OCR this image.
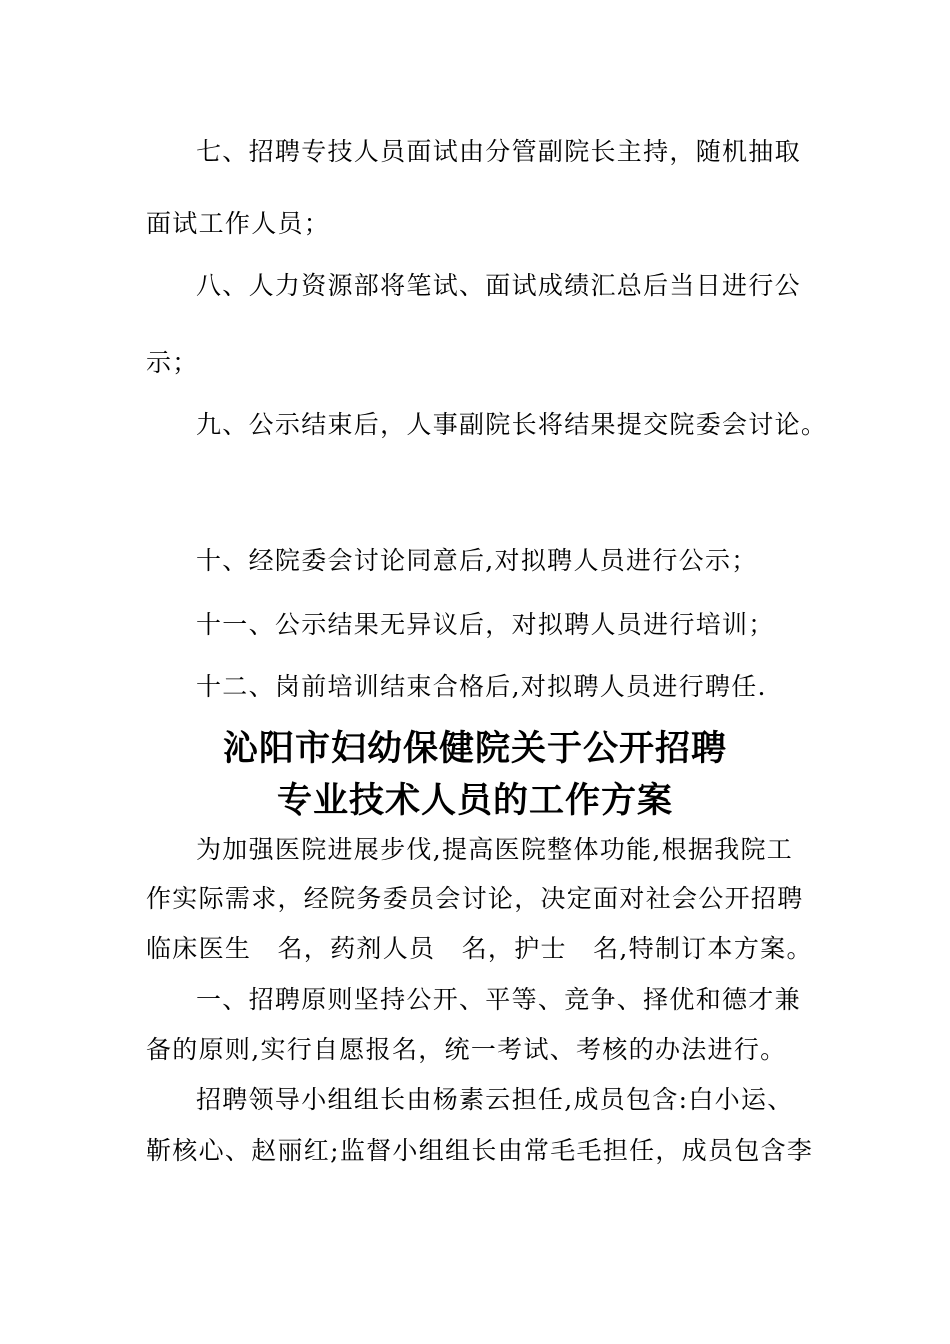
七、招聘专技人员面试由分管副院长主持，随机抽取
面试工作人员；
八、人力资源部将笔试、面试成绩汇总后当日进行公
示；
九、公示结束后，人事副院长将结果提交院委会讨论。
十、经院委会讨论同意后,对拟聘人员进行公示；
十一、公示结果无异议后，对拟聘人员进行培训；
十二、岗前培训结束合格后,对拟聘人员进行聘任.
沁阳市妇幼保健院关于公开招聘
专业技术人员的工作方案
为加强医院进展步伐,提高医院整体功能,根据我院工
作实际需求，经院务委员会讨论，决定面对社会公开招聘
临床医生　名，药剂人员　名，护士　名,特制订本方案。
一、招聘原则坚持公开、平等、竞争、择优和德才兼
备的原则,实行自愿报名，统一考试、考核的办法进行。
招聘领导小组组长由杨素云担任,成员包含:白小运、
靳核心、赵丽红;监督小组组长由常毛毛担任，成员包含李
